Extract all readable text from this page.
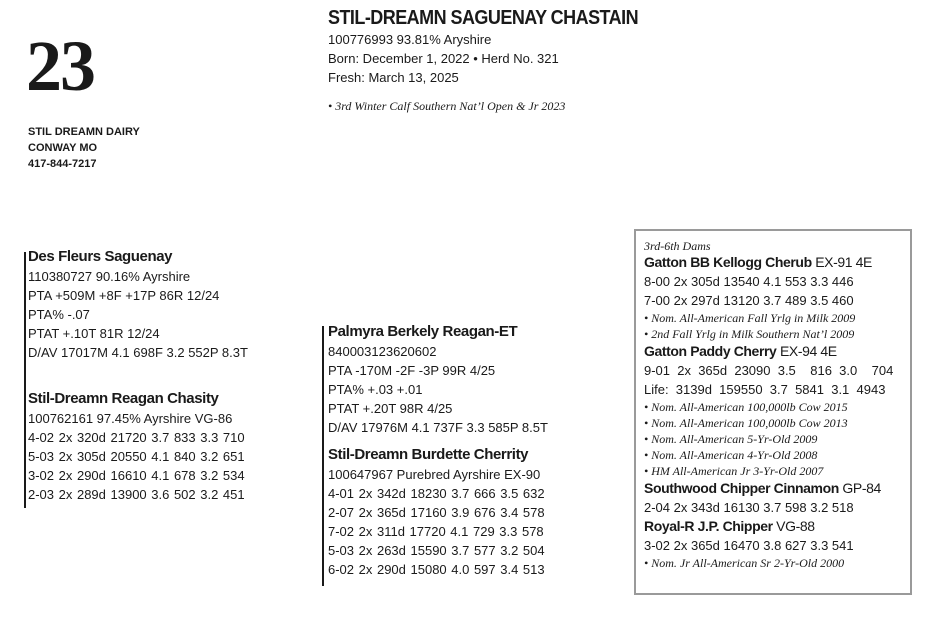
23
STIL DREAMN DAIRY
CONWAY MO
417-844-7217
STIL-DREAMN SAGUENAY CHASTAIN
100776993 93.81% Aryshire
Born: December 1, 2022 • Herd No. 321
Fresh: March 13, 2025
• 3rd Winter Calf Southern Nat’l Open & Jr 2023
Des Fleurs Saguenay
110380727 90.16% Ayrshire
PTA +509M +8F +17P 86R 12/24
PTA% -.07
PTAT +.10T 81R 12/24
D/AV 17017M 4.1 698F 3.2 552P 8.3T
Stil-Dreamn Reagan Chasity
100762161 97.45% Ayrshire VG-86
4-02 2x 320d 21720 3.7 833 3.3 710
5-03 2x 305d 20550 4.1 840 3.2 651
3-02 2x 290d 16610 4.1 678 3.2 534
2-03 2x 289d 13900 3.6 502 3.2 451
Palmyra Berkely Reagan-ET
840003123620602
PTA -170M -2F -3P 99R 4/25
PTA% +.03 +.01
PTAT +.20T 98R 4/25
D/AV 17976M 4.1 737F 3.3 585P 8.5T
Stil-Dreamn Burdette Cherrity
100647967 Purebred Ayrshire EX-90
4-01 2x 342d 18230 3.7 666 3.5 632
2-07 2x 365d 17160 3.9 676 3.4 578
7-02 2x 311d 17720 4.1 729 3.3 578
5-03 2x 263d 15590 3.7 577 3.2 504
6-02 2x 290d 15080 4.0 597 3.4 513
3rd-6th Dams
Gatton BB Kellogg Cherub EX-91 4E
8-00 2x 305d 13540 4.1 553 3.3 446
7-00 2x 297d 13120 3.7 489 3.5 460
• Nom. All-American Fall Yrlg in Milk 2009
• 2nd Fall Yrlg in Milk Southern Nat’l 2009
Gatton Paddy Cherry EX-94 4E
9-01  2x  365d  23090  3.5    816  3.0    704
Life:  3139d  159550  3.7  5841  3.1  4943
• Nom. All-American 100,000lb Cow 2015
• Nom. All-American 100,000lb Cow 2013
• Nom. All-American 5-Yr-Old 2009
• Nom. All-American 4-Yr-Old 2008
• HM All-American Jr 3-Yr-Old 2007
Southwood Chipper Cinnamon GP-84
2-04 2x 343d 16130 3.7 598 3.2 518
Royal-R J.P. Chipper VG-88
3-02 2x 365d 16470 3.8 627 3.3 541
• Nom. Jr All-American Sr 2-Yr-Old 2000
